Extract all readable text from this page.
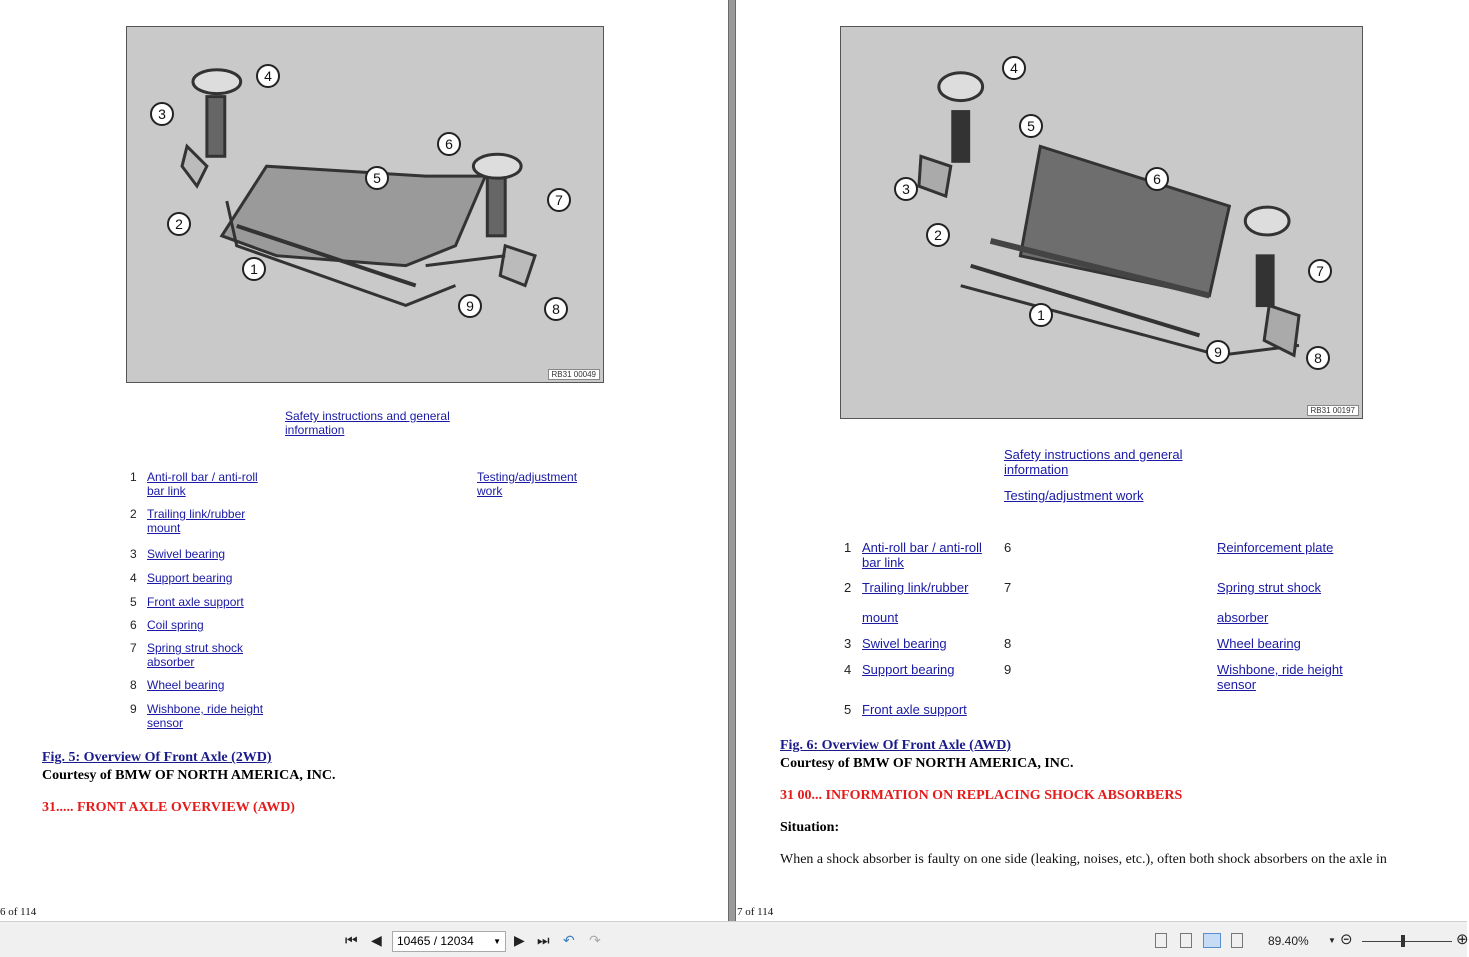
RB31 00049
4
3
6
5
7
2
1
9	8
Safety instructions and general information
Testing/adjustment work
1 Anti-roll bar / anti-roll bar link
2 Trailing link/rubber mount
3 Swivel bearing
4 Support bearing
5 Front axle support
6 Coil spring
7 Spring strut shock absorber
8 Wheel bearing
9 Wishbone, ride height sensor
Fig. 5: Overview Of Front Axle (2WD)
Courtesy of BMW OF NORTH AMERICA, INC.
31..... FRONT AXLE OVERVIEW (AWD)
6 of 114
RB31 00197
4
5
6
3
2
7
1
9	8
Safety instructions and general information
Testing/adjustment work
1 Anti-roll bar / anti-roll bar link
2 Trailing link/rubber
mount
3 Swivel bearing
4 Support bearing
5 Front axle support
6	Reinforcement plate
7	Spring strut shock
absorber
8	Wheel bearing
9	Wishbone, ride height sensor
Fig. 6: Overview Of Front Axle (AWD)
Courtesy of BMW OF NORTH AMERICA, INC.
31 00... INFORMATION ON REPLACING SHOCK ABSORBERS
Situation:
When a shock absorber is faulty on one side (leaking, noises, etc.), often both shock absorbers on the axle in
7 of 114
⏮ ◀	10465 / 12034 ▼ ▶ ⏭ ↶ ↷	89.40% ▼ ⊝	⊕
